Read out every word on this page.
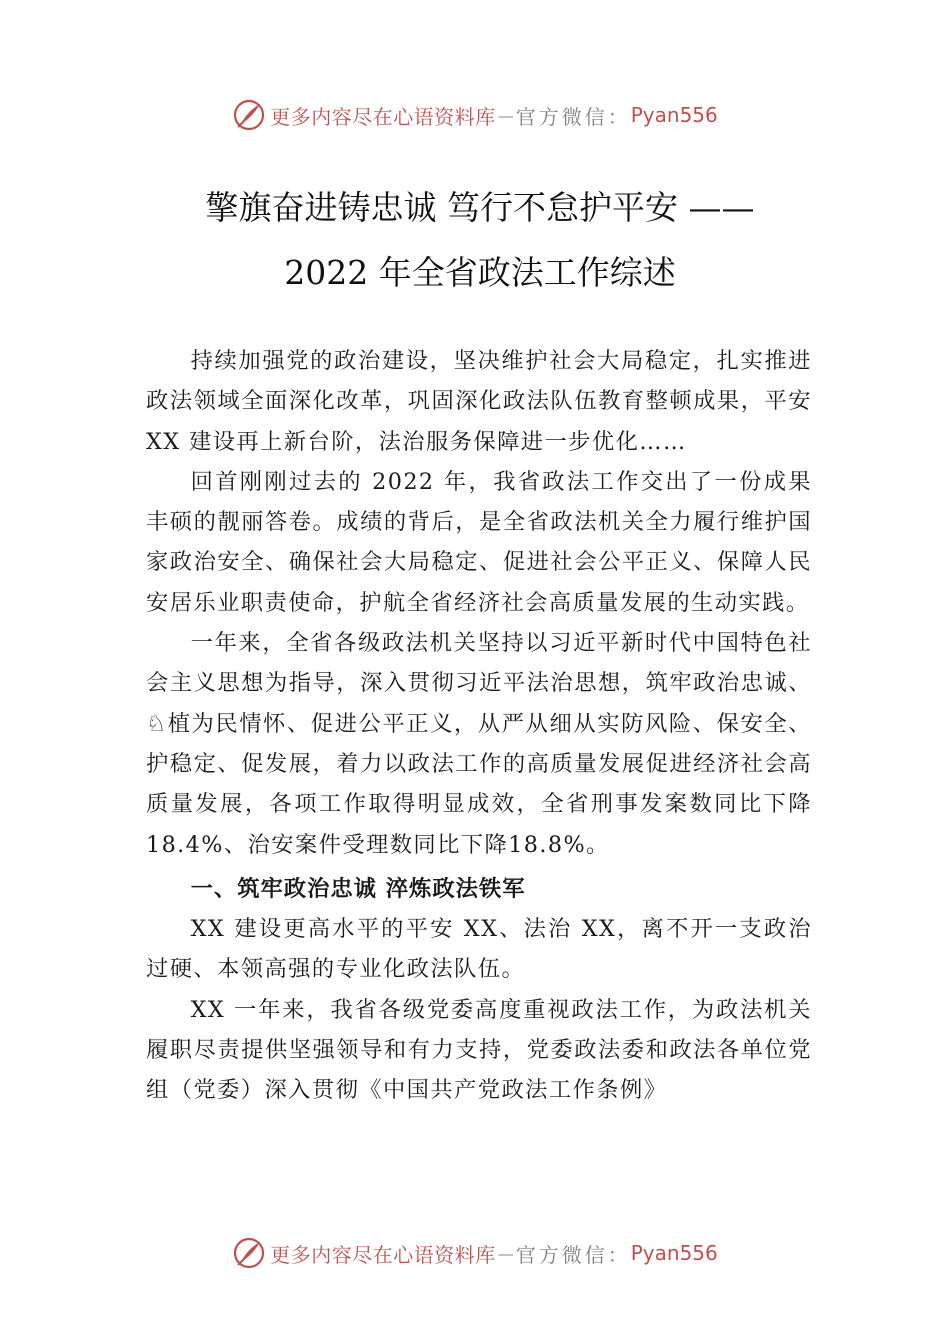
更多内容尽在心语资料库 — 官方微信： Pyan556
擎旗奋进铸忠诚 笃行不怠护平安 ——
2022 年全省政法工作综述

持续加强党的政治建设，坚决维护社会大局稳定，扎实推进政法领域全面深化改革，巩固深化政法队伍教育整顿成果，平安 XX 建设再上新台阶，法治服务保障进一步优化……

回首刚刚过去的 2022 年，我省政法工作交出了一份成果丰硕的靓丽答卷。成绩的背后，是全省政法机关全力履行维护国家政治安全、确保社会大局稳定、促进社会公平正义、保障人民安居乐业职责使命，护航全省经济社会高质量发展的生动实践。

一年来，全省各级政法机关坚持以习近平新时代中国特色社会主义思想为指导，深入贯彻习近平法治思想，筑牢政治忠诚、♘植为民情怀、促进公平正义，从严从细从实防风险、保安全、护稳定、促发展，着力以政法工作的高质量发展促进经济社会高质量发展，各项工作取得明显成效，全省刑事发案数同比下降 18.4%、治安案件受理数同比下降18.8%。

一、筑牢政治忠诚 淬炼政法铁军

XX 建设更高水平的平安 XX、法治 XX，离不开一支政治过硬、本领高强的专业化政法队伍。

XX 一年来，我省各级党委高度重视政法工作，为政法机关履职尽责提供坚强领导和有力支持，党委政法委和政法各单位党组（党委）深入贯彻《中国共产党政法工作条例》

更多内容尽在心语资料库 — 官方微信： Pyan556
